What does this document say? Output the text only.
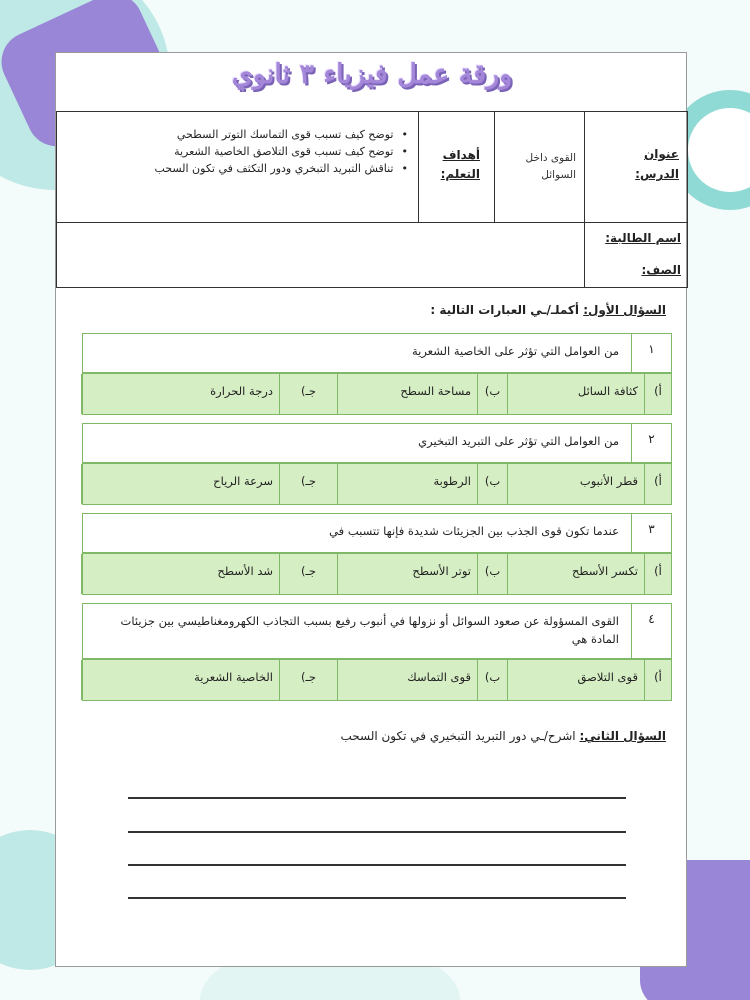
ورقة عمل فيزياء ٣ ثانوي
عنوان الدرس:
القوى داخل السوائل
أهداف التعلم:
• توضح كيف تسبب قوى التماسك التوتر السطحي
• توضح كيف تسبب قوى التلاصق الخاصية الشعرية
• تناقش التبريد التبخري ودور التكثف في تكون السحب
اسم الطالبة:
الصف:
السؤال الأول: أكملـ/ـي العبارات التالية :
١
من العوامل التي تؤثر على الخاصية الشعرية
أ)
كثافة السائل
ب)
مساحة السطح
جـ)
درجة الحرارة
٢
من العوامل التي تؤثر على التبريد التبخيري
أ)
قطر الأنبوب
ب)
الرطوبة
جـ)
سرعة الرياح
٣
عندما تكون قوى الجذب بين الجزيئات شديدة فإنها تتسبب في
أ)
تكسر الأسطح
ب)
توتر الأسطح
جـ)
شد الأسطح
٤
القوى المسؤولة عن صعود السوائل أو نزولها في أنبوب رفيع بسبب التجاذب الكهرومغناطيسي بين جزيئات المادة هي
أ)
قوى التلاصق
ب)
قوى التماسك
جـ)
الخاصية الشعرية
السؤال الثاني: اشرح/ـي دور التبريد التبخيري في تكون السحب
